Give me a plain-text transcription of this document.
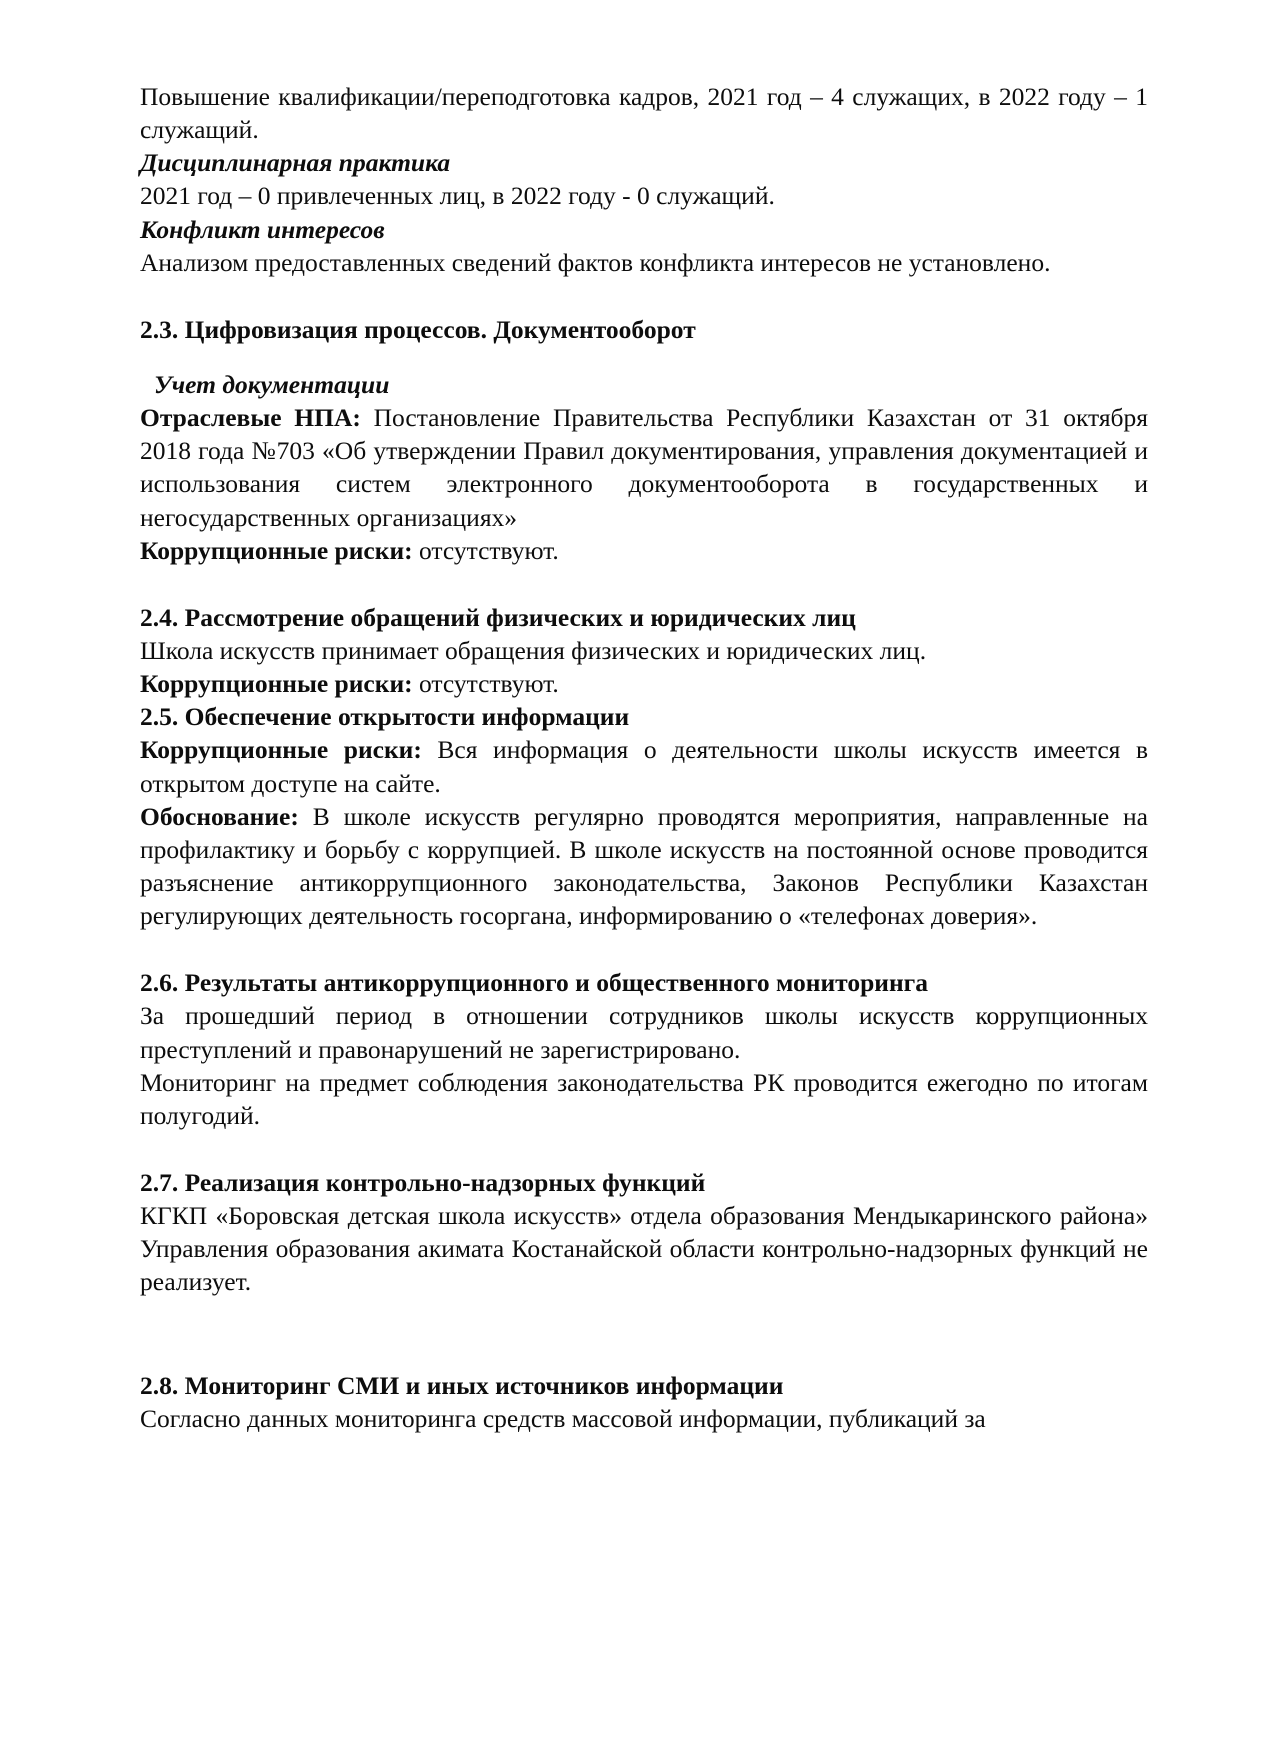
Повышение квалификации/переподготовка кадров, 2021 год – 4 служащих, в 2022 году – 1 служащий.

Дисциплинарная практика

2021 год – 0 привлеченных лиц, в 2022 году - 0 служащий.

Конфликт интересов

Анализом предоставленных сведений фактов конфликта интересов не установлено.

2.3. Цифровизация процессов. Документооборот

Учет документации

Отраслевые НПА: Постановление Правительства Республики Казахстан от 31 октября 2018 года №703 «Об утверждении Правил документирования, управления документацией и использования систем электронного документооборота в государственных и негосударственных организациях»

Коррупционные риски: отсутствуют.

2.4. Рассмотрение обращений физических и юридических лиц

Школа искусств принимает обращения физических и юридических лиц.

Коррупционные риски: отсутствуют.

2.5. Обеспечение открытости информации

Коррупционные риски: Вся информация о деятельности школы искусств имеется в открытом доступе на сайте.

Обоснование: В школе искусств регулярно проводятся мероприятия, направленные на профилактику и борьбу с коррупцией. В школе искусств на постоянной основе проводится разъяснение антикоррупционного законодательства, Законов Республики Казахстан регулирующих деятельность госоргана, информированию о «телефонах доверия».

2.6. Результаты антикоррупционного и общественного мониторинга

За прошедший период в отношении сотрудников школы искусств коррупционных преступлений и правонарушений не зарегистрировано.

Мониторинг на предмет соблюдения законодательства РК проводится ежегодно по итогам полугодий.

2.7. Реализация контрольно-надзорных функций

КГКП «Боровская детская школа искусств» отдела образования Мендыкаринского района» Управления образования акимата Костанайской области контрольно-надзорных функций не реализует.

2.8. Мониторинг СМИ и иных источников информации

Согласно данных мониторинга средств массовой информации, публикаций за
